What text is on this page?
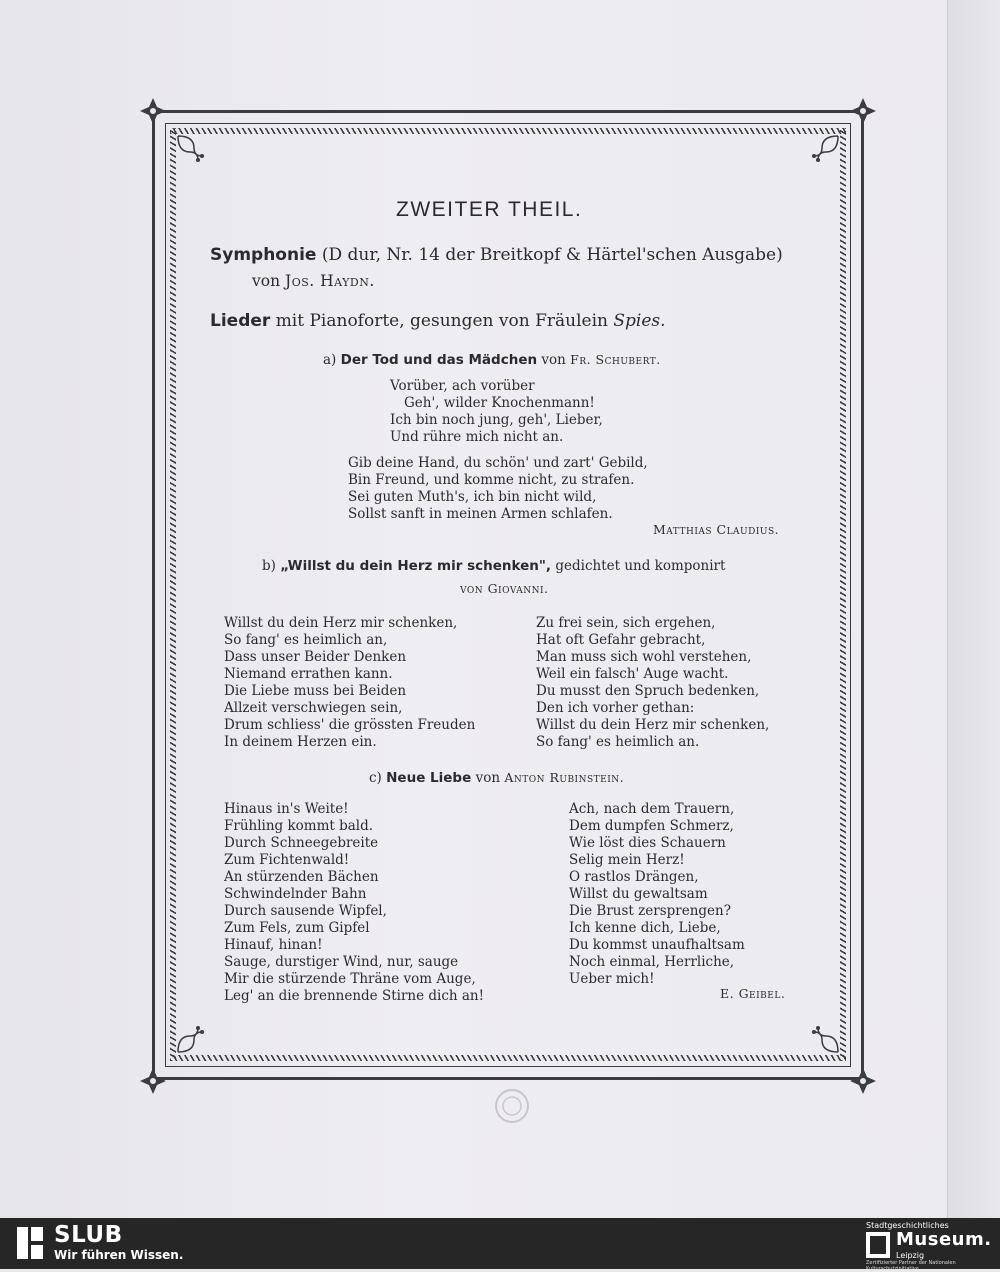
ZWEITER THEIL.
Symphonie (D dur, Nr. 14 der Breitkopf & Härtel'schen Ausgabe)
von Jos. Haydn.
Lieder mit Pianoforte, gesungen von Fräulein Spies.
a) Der Tod und das Mädchen von Fr. Schubert.
Vorüber, ach vorüber
Geh', wilder Knochenmann!
Ich bin noch jung, geh', Lieber,
Und rühre mich nicht an.
Gib deine Hand, du schön' und zart' Gebild,
Bin Freund, und komme nicht, zu strafen.
Sei guten Muth's, ich bin nicht wild,
Sollst sanft in meinen Armen schlafen.
Matthias Claudius.
b) „Willst du dein Herz mir schenken", gedichtet und komponirt
von Giovanni.
Willst du dein Herz mir schenken,
So fang' es heimlich an,
Dass unser Beider Denken
Niemand errathen kann.
Die Liebe muss bei Beiden
Allzeit verschwiegen sein,
Drum schliess' die grössten Freuden
In deinem Herzen ein.
Zu frei sein, sich ergehen,
Hat oft Gefahr gebracht,
Man muss sich wohl verstehen,
Weil ein falsch' Auge wacht.
Du musst den Spruch bedenken,
Den ich vorher gethan:
Willst du dein Herz mir schenken,
So fang' es heimlich an.
c) Neue Liebe von Anton Rubinstein.
Hinaus in's Weite!
Frühling kommt bald.
Durch Schneegebreite
Zum Fichtenwald!
An stürzenden Bächen
Schwindelnder Bahn
Durch sausende Wipfel,
Zum Fels, zum Gipfel
Hinauf, hinan!
Sauge, durstiger Wind, nur, sauge
Mir die stürzende Thräne vom Auge,
Leg' an die brennende Stirne dich an!
Ach, nach dem Trauern,
Dem dumpfen Schmerz,
Wie löst dies Schauern
Selig mein Herz!
O rastlos Drängen,
Willst du gewaltsam
Die Brust zersprengen?
Ich kenne dich, Liebe,
Du kommst unaufhaltsam
Noch einmal, Herrliche,
Ueber mich!
E. Geibel.
SLUB
Wir führen Wissen.
Stadtgeschichtliches
Museum.
Leipzig
Zertifizierter Partner der Nationalen Kulturschutzinitiative
